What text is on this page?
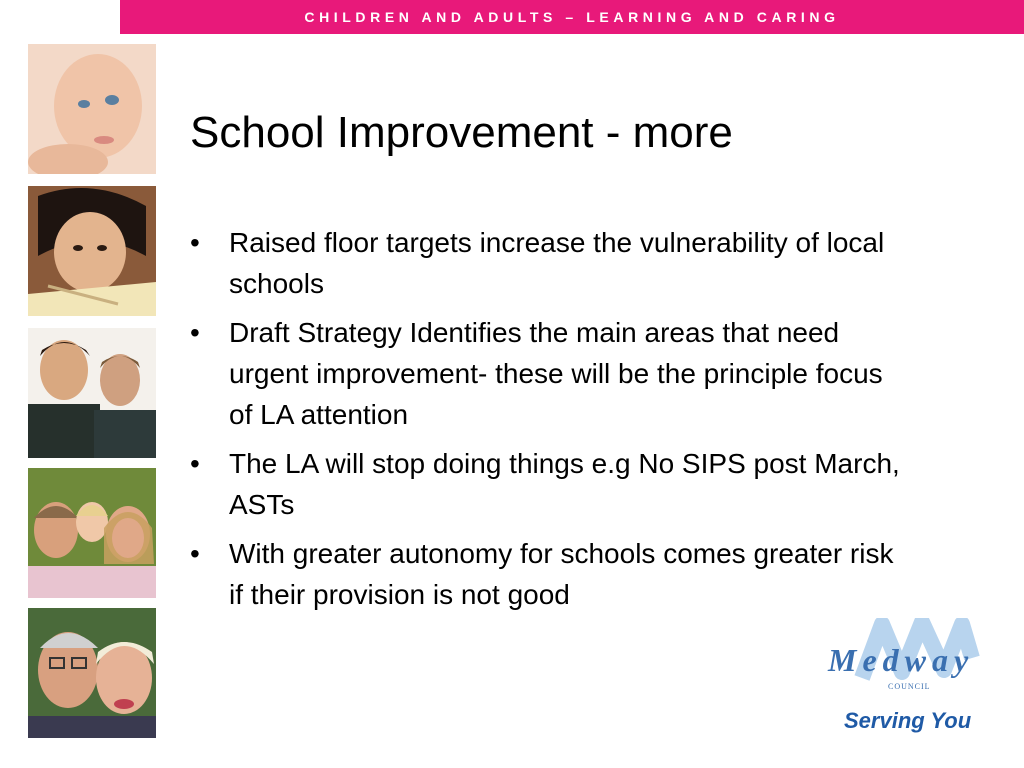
CHILDREN AND ADULTS – LEARNING AND CARING
School Improvement - more
• Raised floor targets increase the vulnerability of local schools
• Draft Strategy Identifies the main areas that need urgent improvement- these will be the principle focus of LA attention
• The LA will stop doing things e.g No SIPS post March, ASTs
• With greater autonomy for schools comes greater risk if their provision is not good
Medway
COUNCIL
Serving You
